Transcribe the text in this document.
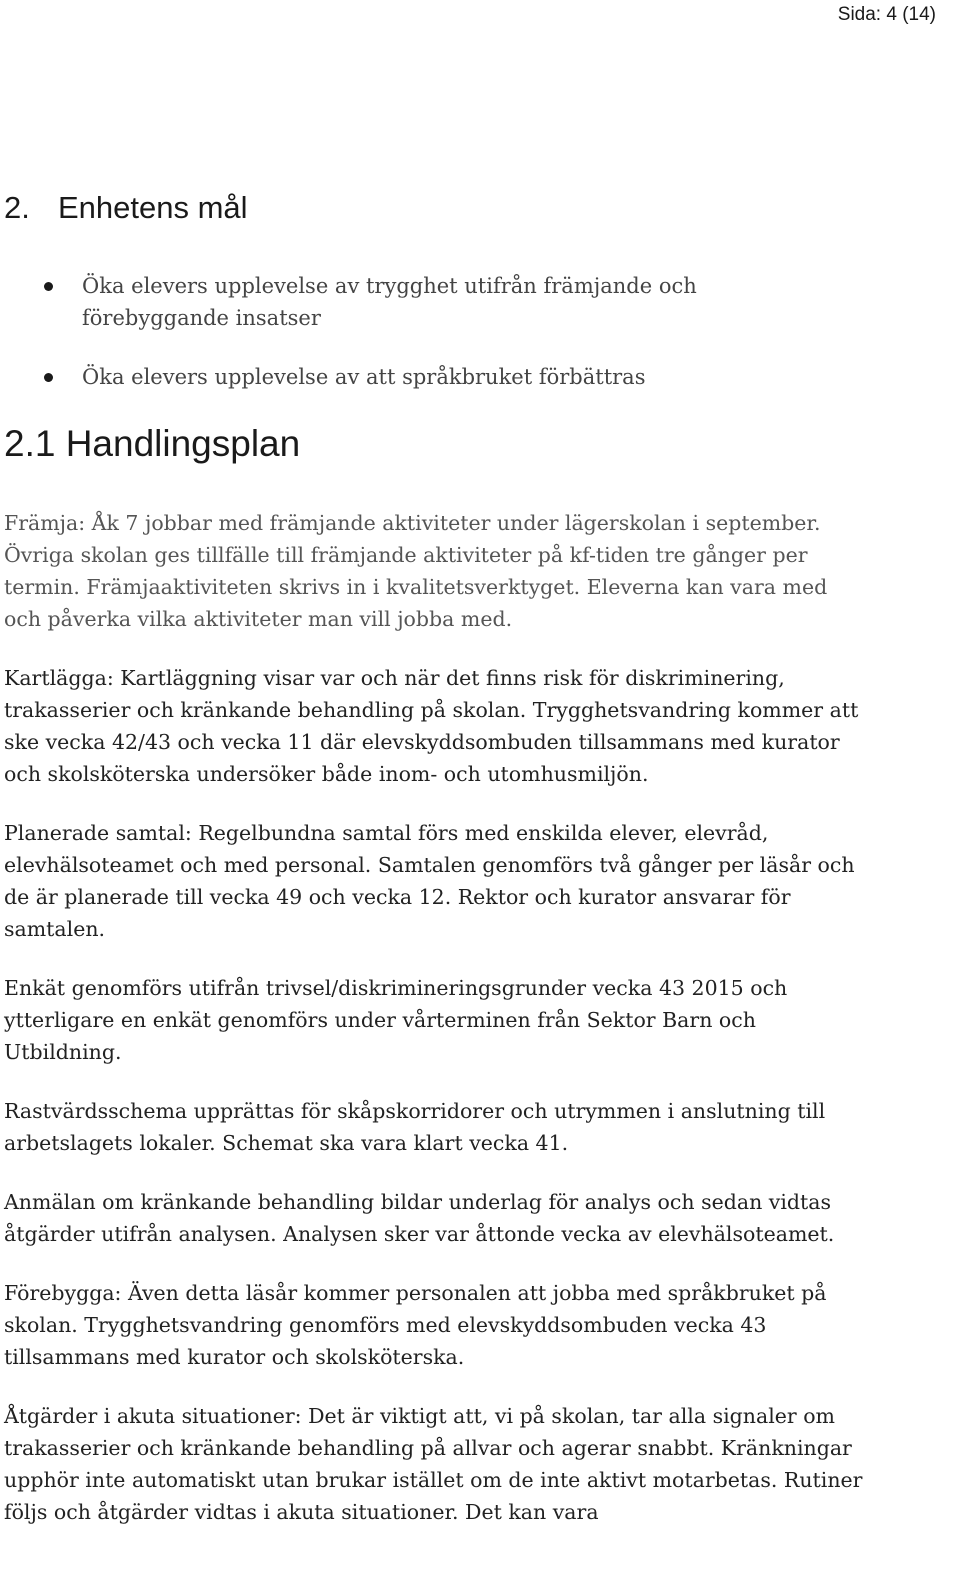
Sida: 4 (14)
2. Enhetens mål
Öka elevers upplevelse av trygghet utifrån främjande och förebyggande insatser
Öka elevers upplevelse av att språkbruket förbättras
2.1 Handlingsplan

Främja: Åk 7 jobbar med främjande aktiviteter under lägerskolan i september. Övriga skolan ges tillfälle till främjande aktiviteter på kf-tiden tre gånger per termin. Främjaaktiviteten skrivs in i kvalitetsverktyget. Eleverna kan vara med och påverka vilka aktiviteter man vill jobba med.

Kartlägga: Kartläggning visar var och när det finns risk för diskriminering, trakasserier och kränkande behandling på skolan. Trygghetsvandring kommer att ske vecka 42/43 och vecka 11 där elevskyddsombuden tillsammans med kurator och skolsköterska undersöker både inom- och utomhusmiljön.

Planerade samtal: Regelbundna samtal förs med enskilda elever, elevråd, elevhälsoteamet och med personal. Samtalen genomförs två gånger per läsår och de är planerade till vecka 49 och vecka 12. Rektor och kurator ansvarar för samtalen.

Enkät genomförs utifrån trivsel/diskrimineringsgrunder vecka 43 2015 och ytterligare en enkät genomförs under vårterminen från Sektor Barn och Utbildning.

Rastvärdsschema upprättas för skåpskorridorer och utrymmen i anslutning till arbetslagets lokaler. Schemat ska vara klart vecka 41.

Anmälan om kränkande behandling bildar underlag för analys och sedan vidtas åtgärder utifrån analysen. Analysen sker var åttonde vecka av elevhälsoteamet.

Förebygga: Även detta läsår kommer personalen att jobba med språkbruket på skolan. Trygghetsvandring genomförs med elevskyddsombuden vecka 43 tillsammans med kurator och skolsköterska.

Åtgärder i akuta situationer: Det är viktigt att, vi på skolan, tar alla signaler om trakasserier och kränkande behandling på allvar och agerar snabbt. Kränkningar upphör inte automatiskt utan brukar istället om de inte aktivt motarbetas. Rutiner följs och åtgärder vidtas i akuta situationer. Det kan vara
